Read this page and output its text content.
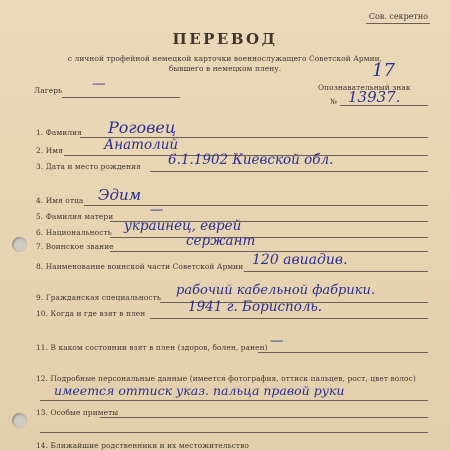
Сов. секретно
ПЕРЕВОД
с личной трофейной немецкой карточки военнослужащего Советской Армии,
бывшего в немецком плену.
Лагерь —	Опознавательный знак
№ 13937.
17
1. Фамилия Роговец
2. Имя	Анатолий
3. Дата и место рождения 6.1.1902 Киевской обл.
4. Имя отца Эдим
5. Фамилия матери	—
6. Национальность украинец, еврей
7. Воинское звание	сержант
8. Наименование воинской части Советской Армии 120 авиадив.
9. Гражданская специальность рабочий кабельной фабрики.
10. Когда и где взят в плен	1941 г. Борисполь.
11. В каком состоянии взят в плен (здоров, болен, ранен) —
12. Подробные персональные данные (имеется фотография, оттиск пальцев, рост, цвет волос)
имеется оттиск указ. пальца правой руки
13. Особые приметы
14. Ближайшие родственники и их местожительство
